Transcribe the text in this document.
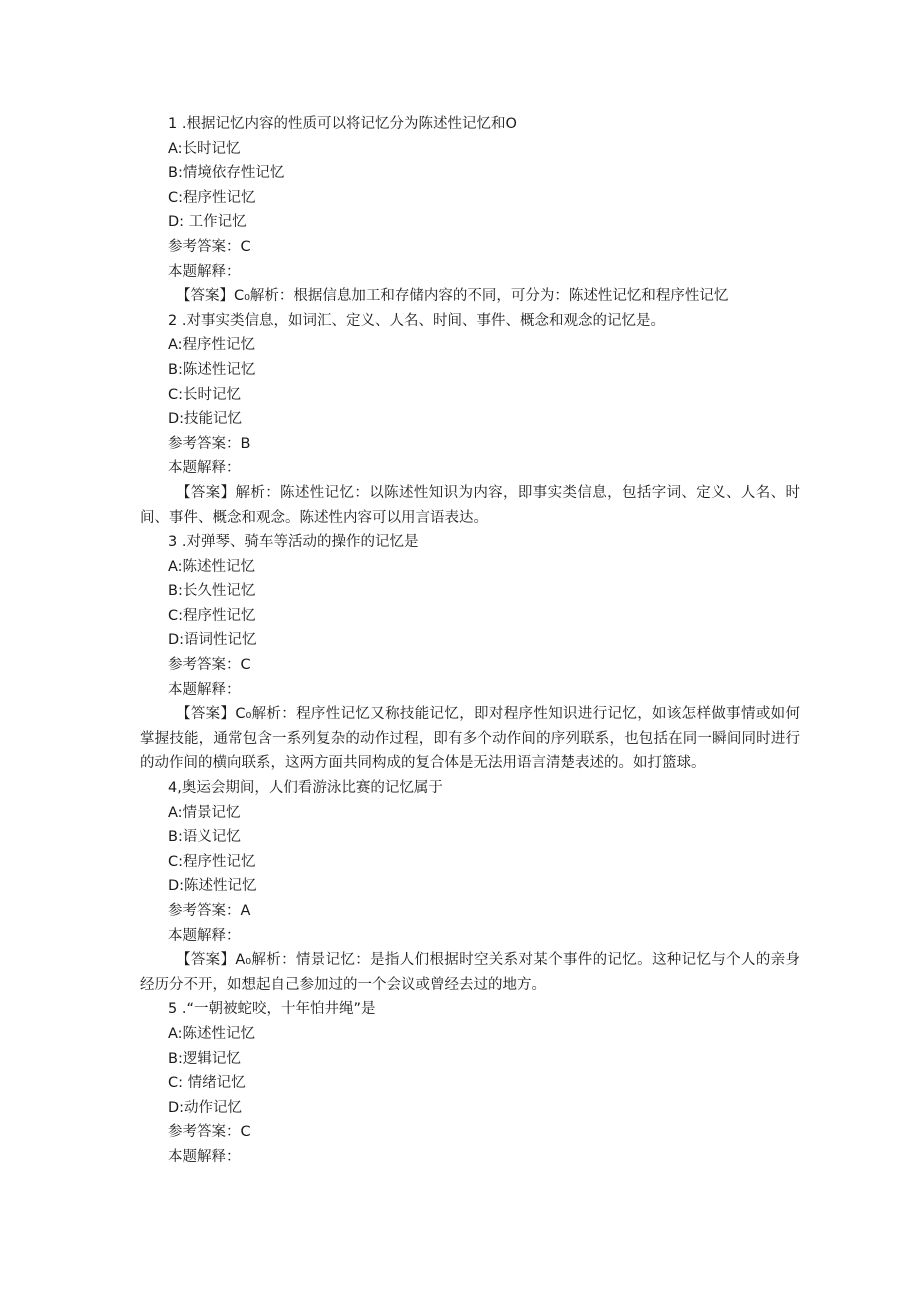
1 .根据记忆内容的性质可以将记忆分为陈述性记忆和O
A:长时记忆
B:情境依存性记忆
C:程序性记忆
D: 工作记忆
参考答案：C
本题解释：
【答案】C₀解析：根据信息加工和存储内容的不同，可分为：陈述性记忆和程序性记忆
2 .对事实类信息，如词汇、定义、人名、时间、事件、概念和观念的记忆是。
A:程序性记忆
B:陈述性记忆
C:长时记忆
D:技能记忆
参考答案：B
本题解释：
【答案】解析：陈述性记忆：以陈述性知识为内容，即事实类信息，包括字词、定义、人名、时间、事件、概念和观念。陈述性内容可以用言语表达。
3 .对弹琴、骑车等活动的操作的记忆是
A:陈述性记忆
B:长久性记忆
C:程序性记忆
D:语词性记忆
参考答案：C
本题解释：
【答案】C₀解析：程序性记忆又称技能记忆，即对程序性知识进行记忆，如该怎样做事情或如何掌握技能，通常包含一系列复杂的动作过程，即有多个动作间的序列联系，也包括在同一瞬间同时进行的动作间的横向联系，这两方面共同构成的复合体是无法用语言清楚表述的。如打篮球。
4,奥运会期间，人们看游泳比赛的记忆属于
A:情景记忆
B:语义记忆
C:程序性记忆
D:陈述性记忆
参考答案：A
本题解释：
【答案】A₀解析：情景记忆：是指人们根据时空关系对某个事件的记忆。这种记忆与个人的亲身经历分不开，如想起自己参加过的一个会议或曾经去过的地方。
5 .“一朝被蛇咬，十年怕井绳”是
A:陈述性记忆
B:逻辑记忆
C: 情绪记忆
D:动作记忆
参考答案：C
本题解释：
